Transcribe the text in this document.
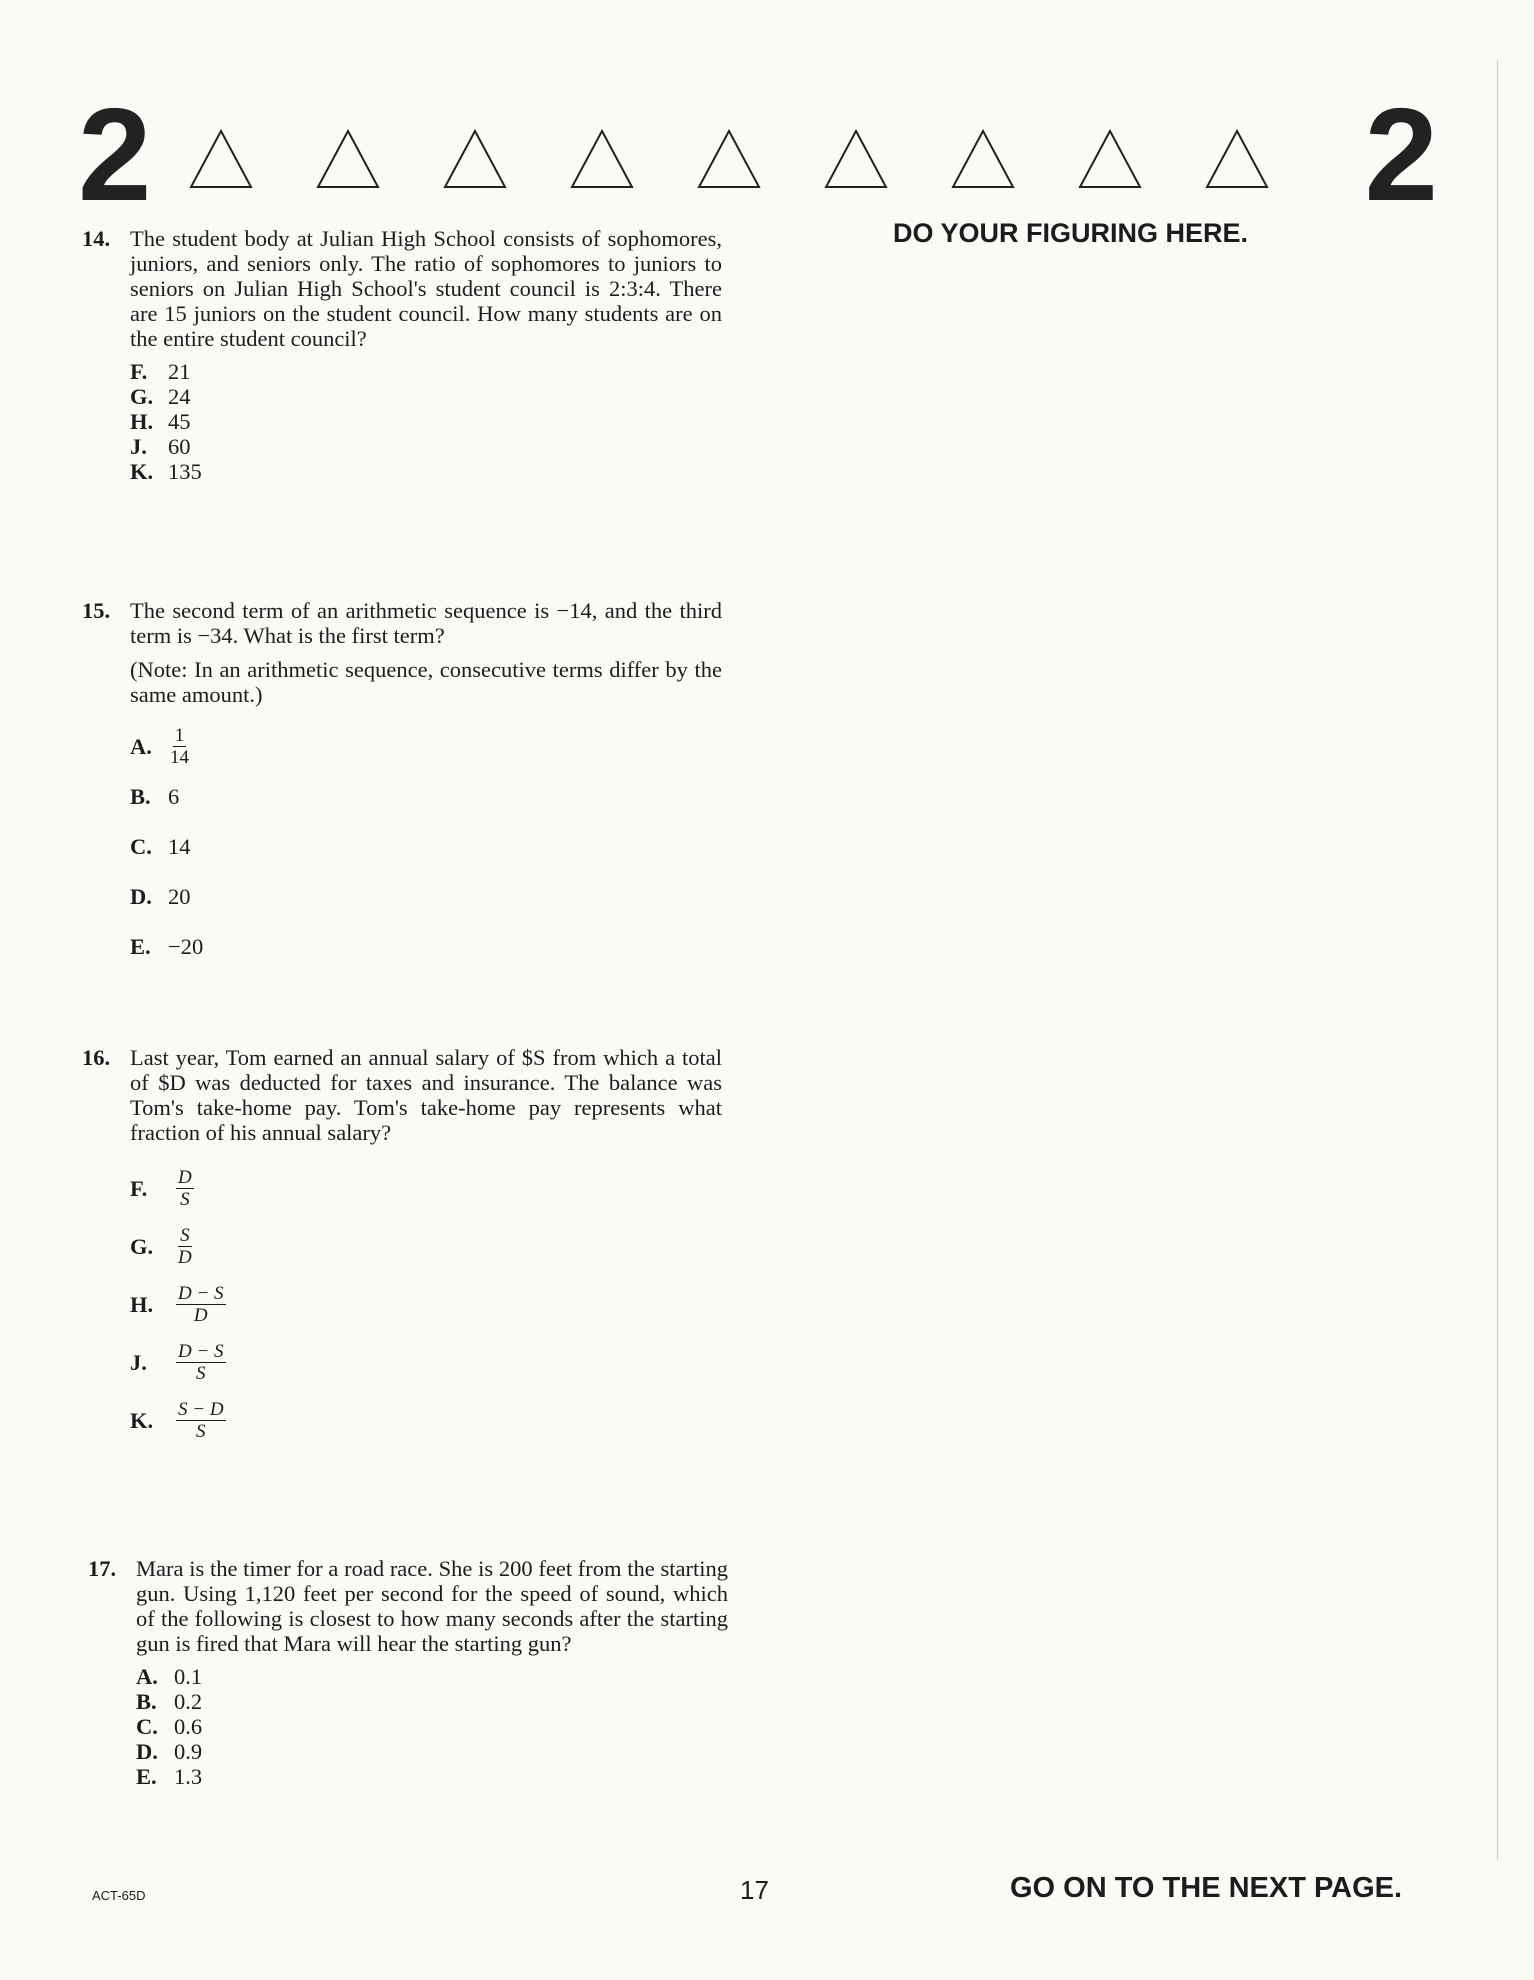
2	2
DO YOUR FIGURING HERE.
14. The student body at Julian High School consists of sophomores, juniors, and seniors only. The ratio of sophomores to juniors to seniors on Julian High School's student council is 2:3:4. There are 15 juniors on the student council. How many students are on the entire student council?
F. 21
G. 24
H. 45
J. 60
K. 135
15. The second term of an arithmetic sequence is −14, and the third term is −34. What is the first term?
(Note: In an arithmetic sequence, consecutive terms differ by the same amount.)
A. $\frac{1}{14}$
B. 6
C. 14
D. 20
E. −20
16. Last year, Tom earned an annual salary of $S from which a total of $D was deducted for taxes and insurance. The balance was Tom's take-home pay. Tom's take-home pay represents what fraction of his annual salary?
F.	$\frac{D}{S}$
G.	$\frac{S}{D}$
H.	$\frac{D - S}{D}$
J.	$\frac{D - S}{S}$
K.	$\frac{S - D}{S}$
17. Mara is the timer for a road race. She is 200 feet from the starting gun. Using 1,120 feet per second for the speed of sound, which of the following is closest to how many seconds after the starting gun is fired that Mara will hear the starting gun?
A. 0.1
B. 0.2
C. 0.6
D. 0.9
E. 1.3
ACT-65D	17	GO ON TO THE NEXT PAGE.
